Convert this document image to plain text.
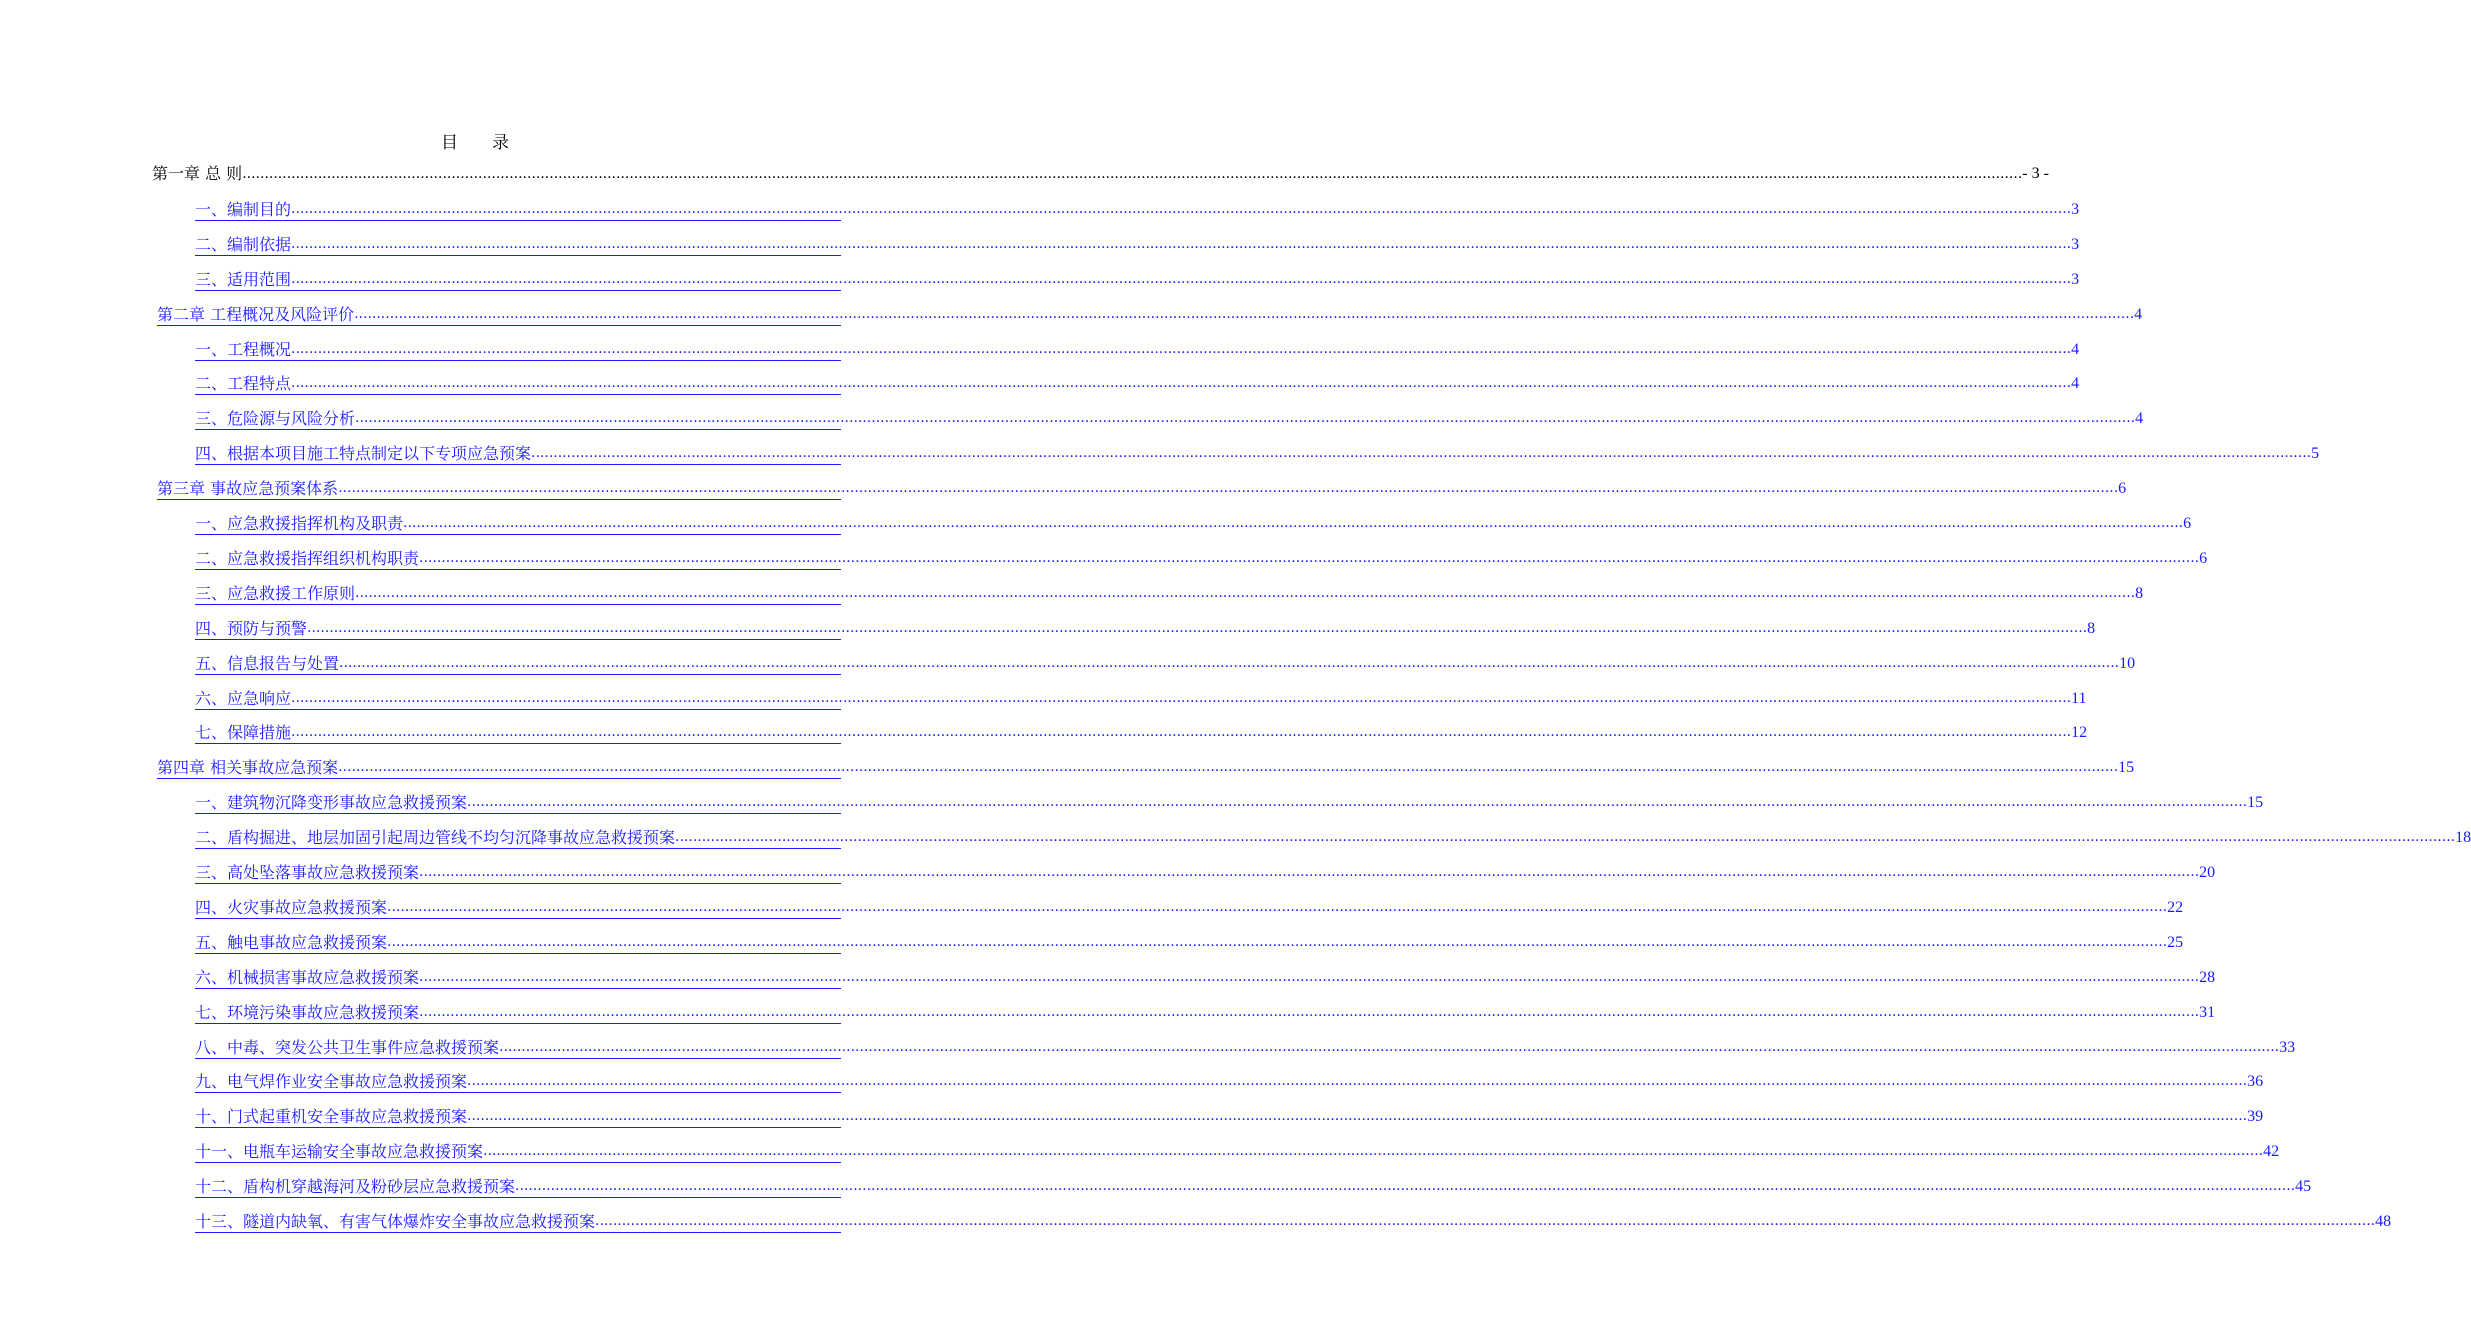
目 录
第一章 总 则 ................................................................................................................................................................................................................................................................................................................................................................................................................ - 3 -
一、编制目的 ................................................................................................................................................................................................................................................................................................................................................................................................................ 3
二、编制依据 ................................................................................................................................................................................................................................................................................................................................................................................................................ 3
三、适用范围 ................................................................................................................................................................................................................................................................................................................................................................................................................ 3
第二章 工程概况及风险评价 ................................................................................................................................................................................................................................................................................................................................................................................................................ 4
一、工程概况 ................................................................................................................................................................................................................................................................................................................................................................................................................ 4
二、工程特点 ................................................................................................................................................................................................................................................................................................................................................................................................................ 4
三、危险源与风险分析 ................................................................................................................................................................................................................................................................................................................................................................................................................ 4
四、根据本项目施工特点制定以下专项应急预案 ................................................................................................................................................................................................................................................................................................................................................................................................................ 5
第三章 事故应急预案体系 ................................................................................................................................................................................................................................................................................................................................................................................................................ 6
一、应急救援指挥机构及职责 ................................................................................................................................................................................................................................................................................................................................................................................................................ 6
二、应急救援指挥组织机构职责 ................................................................................................................................................................................................................................................................................................................................................................................................................ 6
三、应急救援工作原则 ................................................................................................................................................................................................................................................................................................................................................................................................................ 8
四、预防与预警 ................................................................................................................................................................................................................................................................................................................................................................................................................ 8
五、信息报告与处置 ................................................................................................................................................................................................................................................................................................................................................................................................................ 10
六、应急响应 ................................................................................................................................................................................................................................................................................................................................................................................................................ 11
七、保障措施 ................................................................................................................................................................................................................................................................................................................................................................................................................ 12
第四章 相关事故应急预案 ................................................................................................................................................................................................................................................................................................................................................................................................................ 15
一、建筑物沉降变形事故应急救援预案 ................................................................................................................................................................................................................................................................................................................................................................................................................ 15
二、盾构掘进、地层加固引起周边管线不均匀沉降事故应急救援预案 ................................................................................................................................................................................................................................................................................................................................................................................................................ 18
三、高处坠落事故应急救援预案 ................................................................................................................................................................................................................................................................................................................................................................................................................ 20
四、火灾事故应急救援预案 ................................................................................................................................................................................................................................................................................................................................................................................................................ 22
五、触电事故应急救援预案 ................................................................................................................................................................................................................................................................................................................................................................................................................ 25
六、机械损害事故应急救援预案 ................................................................................................................................................................................................................................................................................................................................................................................................................ 28
七、环境污染事故应急救援预案 ................................................................................................................................................................................................................................................................................................................................................................................................................ 31
八、中毒、突发公共卫生事件应急救援预案 ................................................................................................................................................................................................................................................................................................................................................................................................................ 33
九、电气焊作业安全事故应急救援预案 ................................................................................................................................................................................................................................................................................................................................................................................................................ 36
十、门式起重机安全事故应急救援预案 ................................................................................................................................................................................................................................................................................................................................................................................................................ 39
十一、电瓶车运输安全事故应急救援预案 ................................................................................................................................................................................................................................................................................................................................................................................................................ 42
十二、盾构机穿越海河及粉砂层应急救援预案 ................................................................................................................................................................................................................................................................................................................................................................................................................ 45
十三、隧道内缺氧、有害气体爆炸安全事故应急救援预案 ................................................................................................................................................................................................................................................................................................................................................................................................................ 48
